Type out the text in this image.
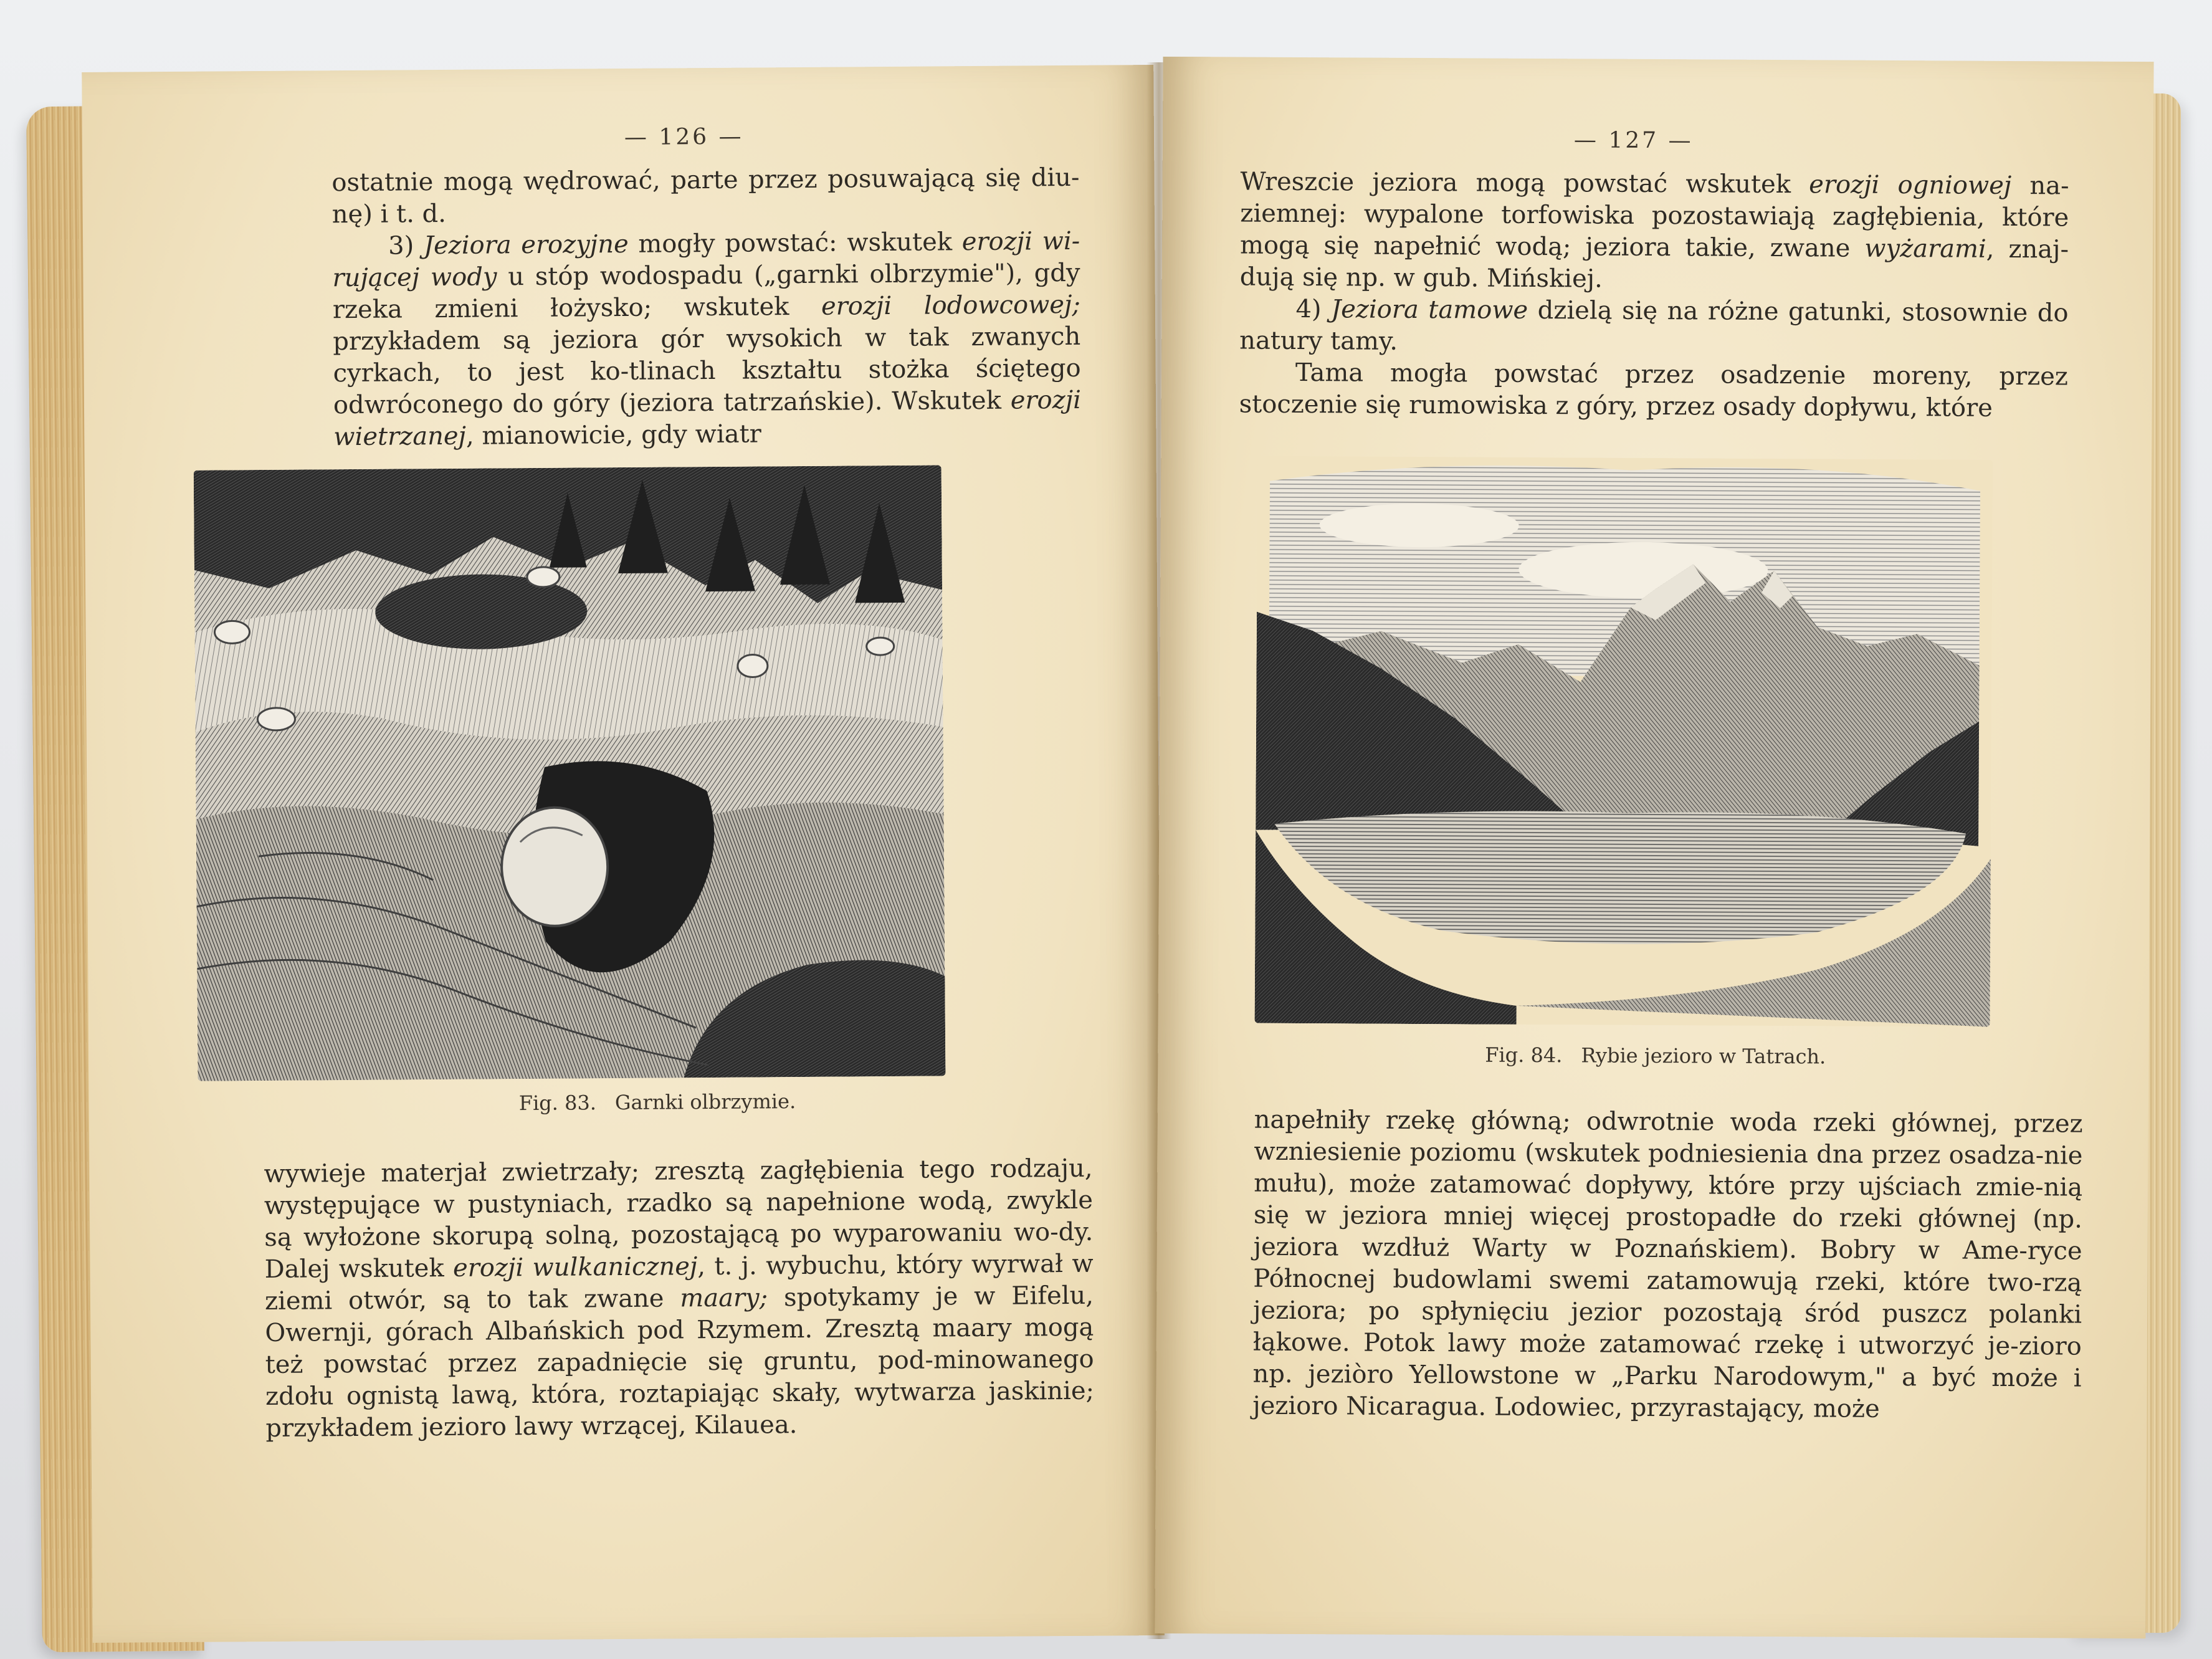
— 126 —

ostatnie mogą wędrować, parte przez posuwającą się diu-

nę) i t. d.

3) Jeziora erozyjne mogły powstać: wskutek erozji wi-rującej wody u stóp wodospadu („garnki olbrzymie"), gdy rzeka zmieni łożysko; wskutek erozji lodowcowej; przykładem są jeziora gór wysokich w tak zwanych cyrkach, to jest ko-tlinach kształtu stożka ściętego odwróconego do góry (jeziora tatrzańskie). Wskutek erozji wietrzanej, mianowicie, gdy wiatr

Fig. 83. Garnki olbrzymie.

wywieje materjał zwietrzały; zresztą zagłębienia tego rodzaju, występujące w pustyniach, rzadko są napełnione wodą, zwykle są wyłożone skorupą solną, pozostającą po wyparowaniu wo-dy. Dalej wskutek erozji wulkanicznej, t. j. wybuchu, który wyrwał w ziemi otwór, są to tak zwane maary; spotykamy je w Eifelu, Owernji, górach Albańskich pod Rzymem. Zresztą maary mogą też powstać przez zapadnięcie się gruntu, pod-minowanego zdołu ognistą lawą, która, roztapiając skały, wytwarza jaskinie; przykładem jezioro lawy wrzącej, Kilauea.

— 127 —

Wreszcie jeziora mogą powstać wskutek erozji ogniowej na-ziemnej: wypalone torfowiska pozostawiają zagłębienia, które mogą się napełnić wodą; jeziora takie, zwane wyżarami, znaj-dują się np. w gub. Mińskiej.

4) Jeziora tamowe dzielą się na różne gatunki, stosownie do natury tamy.

Tama mogła powstać przez osadzenie moreny, przez stoczenie się rumowiska z góry, przez osady dopływu, które

Fig. 84. Rybie jezioro w Tatrach.

napełniły rzekę główną; odwrotnie woda rzeki głównej, przez wzniesienie poziomu (wskutek podniesienia dna przez osadza-nie mułu), może zatamować dopływy, które przy ujściach zmie-nią się w jeziora mniej więcej prostopadłe do rzeki głównej (np. jeziora wzdłuż Warty w Poznańskiem). Bobry w Ame-ryce Północnej budowlami swemi zatamowują rzeki, które two-rzą jeziora; po spłynięciu jezior pozostają śród puszcz polanki łąkowe. Potok lawy może zatamować rzekę i utworzyć je-zioro np. jeziòro Yellowstone w „Parku Narodowym," a być może i jezioro Nicaragua. Lodowiec, przyrastający, może
